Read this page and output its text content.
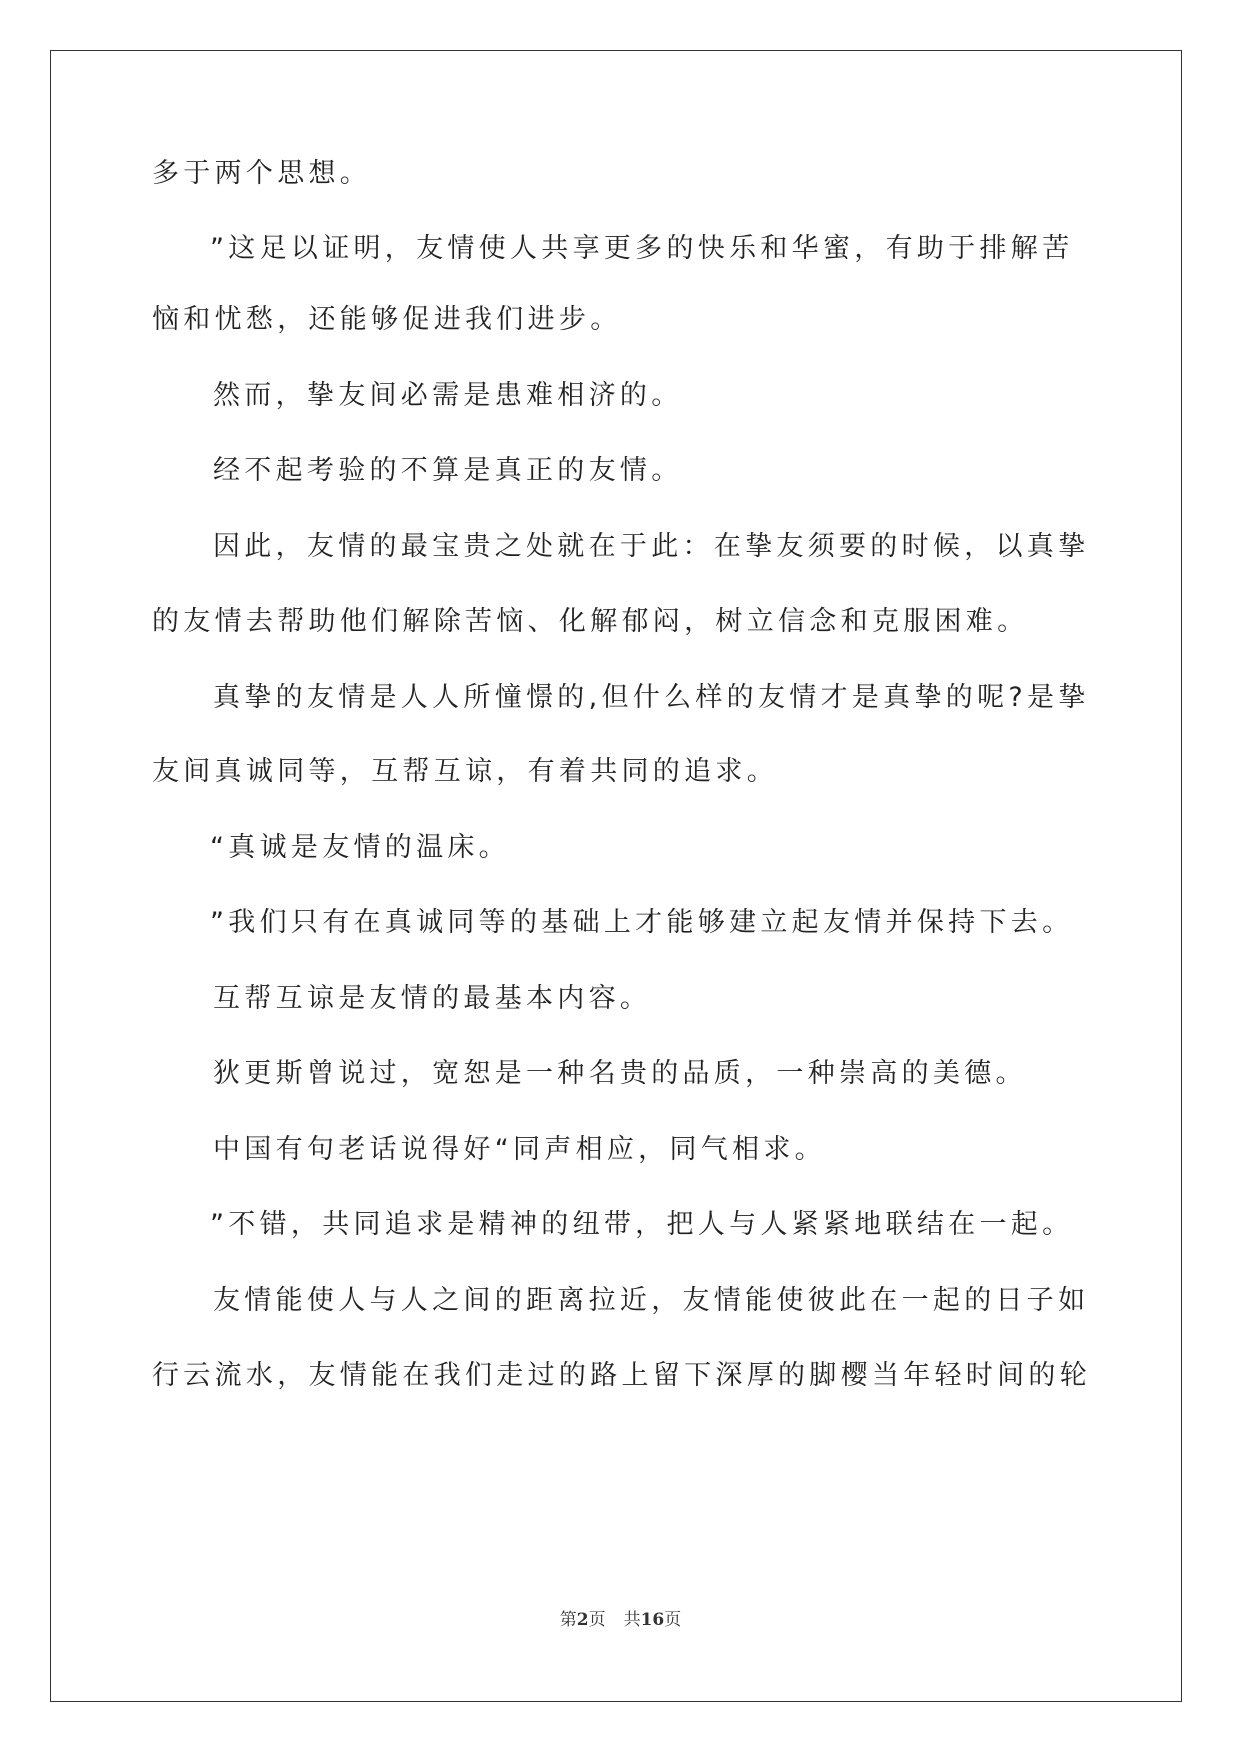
多于两个思想。
”这足以证明，友情使人共享更多的快乐和华蜜，有助于排解苦
恼和忧愁，还能够促进我们进步。
然而，挚友间必需是患难相济的。
经不起考验的不算是真正的友情。
因此，友情的最宝贵之处就在于此：在挚友须要的时候，以真挚
的友情去帮助他们解除苦恼、化解郁闷，树立信念和克服困难。
真挚的友情是人人所憧憬的,但什么样的友情才是真挚的呢?是挚
友间真诚同等，互帮互谅，有着共同的追求。
“真诚是友情的温床。
”我们只有在真诚同等的基础上才能够建立起友情并保持下去。
互帮互谅是友情的最基本内容。
狄更斯曾说过，宽恕是一种名贵的品质，一种崇高的美德。
中国有句老话说得好“同声相应，同气相求。
”不错，共同追求是精神的纽带，把人与人紧紧地联结在一起。
友情能使人与人之间的距离拉近，友情能使彼此在一起的日子如
行云流水，友情能在我们走过的路上留下深厚的脚樱当年轻时间的轮
第2页 共16页
